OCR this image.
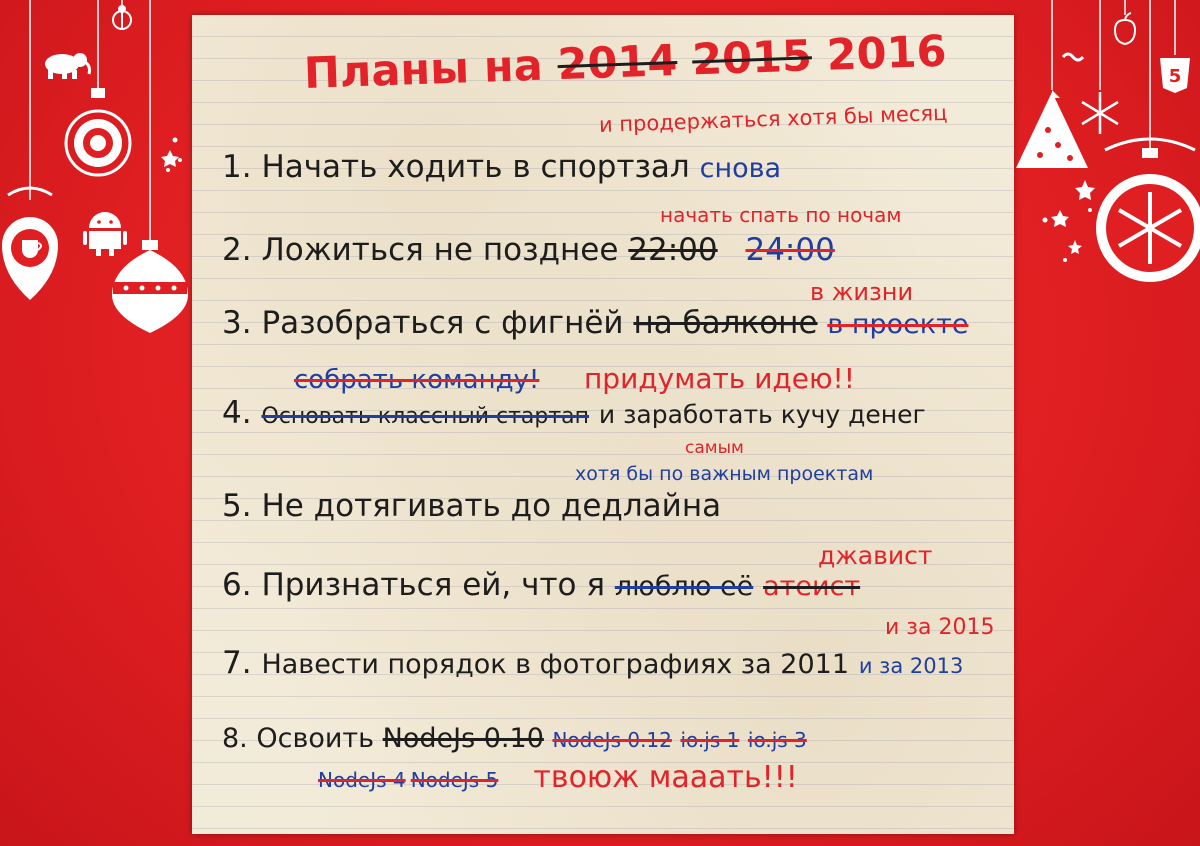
5
Планы на 2014 2015 2016
и продержаться хотя бы месяц
1. Начать ходить в спортзал снова
начать спать по ночам
2. Ложиться не позднее 22:00 24:00
в жизни
3. Разобраться с фигнёй на балконе в проекте
собрать команду! придумать идею!!
4. Основать классный стартап и заработать кучу денег
самым
хотя бы по важным проектам
5. Не дотягивать до дедлайна
джавист
6. Признаться ей, что я люблю её атеист
и за 2015
7. Навести порядок в фотографиях за 2011 и за 2013
8. Освоить NodeJs 0.10 NodeJs 0.12 io.js 1 io.js 3
NodeJs 4 NodeJs 5 твоюж мааать!!!
